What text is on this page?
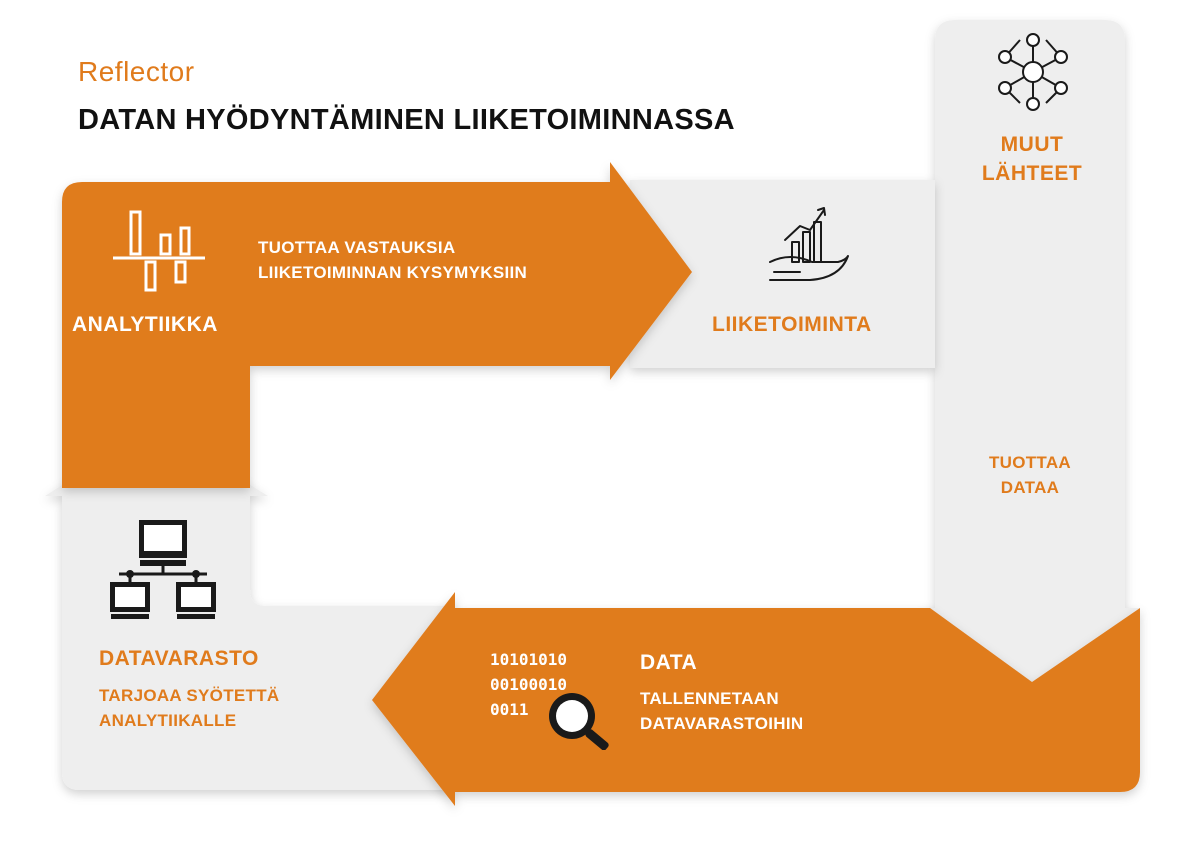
Reflector
DATAN HYÖDYNTÄMINEN LIIKETOIMINNASSA
TUOTTAA VASTAUKSIA
LIIKETOIMINNAN KYSYMYKSIIN
ANALYTIIKKA	LIIKETOIMINTA
MUUT
LÄHTEET
TUOTTAA
DATAA
10101010
00100010
0011
DATA
TALLENNETAAN
DATAVARASTOIHIN
DATAVARASTO
TARJOAA SYÖTETTÄ
ANALYTIIKALLE
